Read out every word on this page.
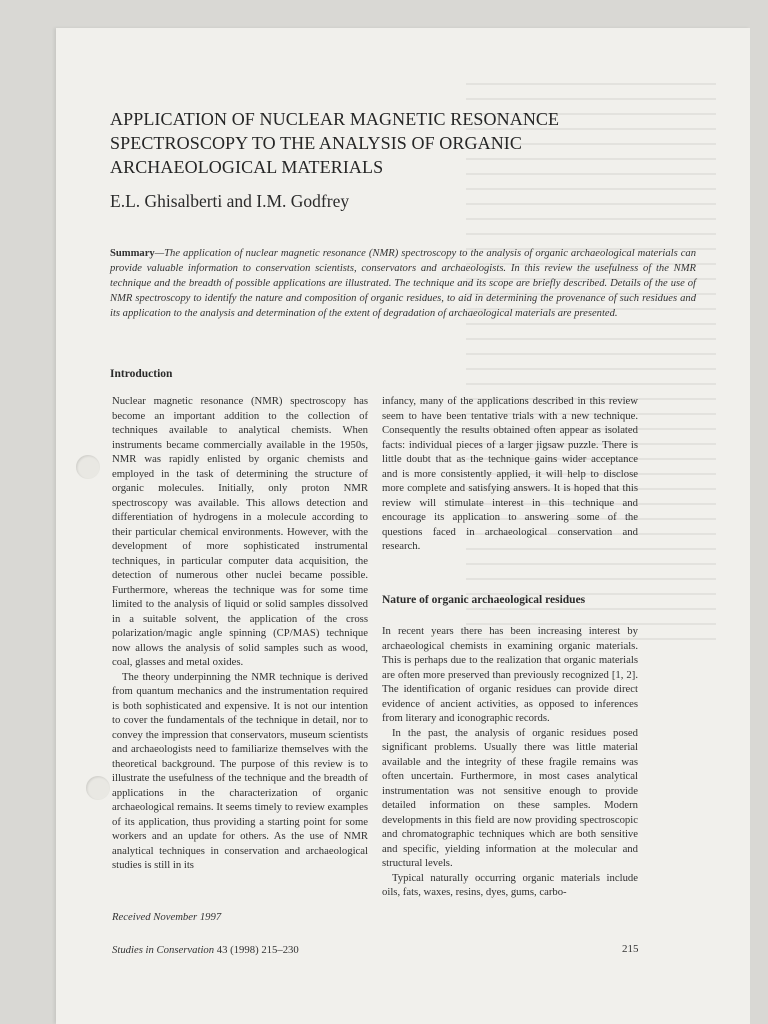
APPLICATION OF NUCLEAR MAGNETIC RESONANCE
SPECTROSCOPY TO THE ANALYSIS OF ORGANIC
ARCHAEOLOGICAL MATERIALS
E.L. Ghisalberti and I.M. Godfrey
Summary—The application of nuclear magnetic resonance (NMR) spectroscopy to the analysis of organic archaeological materials can provide valuable information to conservation scientists, conservators and archaeologists. In this review the usefulness of the NMR technique and the breadth of possible applications are illustrated. The technique and its scope are briefly described. Details of the use of NMR spectroscopy to identify the nature and composition of organic residues, to aid in determining the provenance of such residues and its application to the analysis and determination of the extent of degradation of archaeological materials are presented.
Introduction

Nuclear magnetic resonance (NMR) spectroscopy has become an important addition to the collection of techniques available to analytical chemists. When instruments became commercially available in the 1950s, NMR was rapidly enlisted by organic chemists and employed in the task of determining the structure of organic molecules. Initially, only proton NMR spectroscopy was available. This allows detection and differentiation of hydrogens in a molecule according to their particular chemical environments. However, with the development of more sophisticated instrumental techniques, in particular computer data acquisition, the detection of numerous other nuclei became possible. Furthermore, whereas the technique was for some time limited to the analysis of liquid or solid samples dissolved in a suitable solvent, the application of the cross polarization/magic angle spinning (CP/MAS) technique now allows the analysis of solid samples such as wood, coal, glasses and metal oxides.

The theory underpinning the NMR technique is derived from quantum mechanics and the instrumentation required is both sophisticated and expensive. It is not our intention to cover the fundamentals of the technique in detail, nor to convey the impression that conservators, museum scientists and archaeologists need to familiarize themselves with the theoretical background. The purpose of this review is to illustrate the usefulness of the technique and the breadth of applications in the characterization of organic archaeological remains. It seems timely to review examples of its application, thus providing a starting point for some workers and an update for others. As the use of NMR analytical techniques in conservation and archaeological studies is still in its

infancy, many of the applications described in this review seem to have been tentative trials with a new technique. Consequently the results obtained often appear as isolated facts: individual pieces of a larger jigsaw puzzle. There is little doubt that as the technique gains wider acceptance and is more consistently applied, it will help to disclose more complete and satisfying answers. It is hoped that this review will stimulate interest in this technique and encourage its application to answering some of the questions faced in archaeological conservation and research.

Nature of organic archaeological residues

In recent years there has been increasing interest by archaeological chemists in examining organic materials. This is perhaps due to the realization that organic materials are often more preserved than previously recognized [1, 2]. The identification of organic residues can provide direct evidence of ancient activities, as opposed to inferences from literary and iconographic records.

In the past, the analysis of organic residues posed significant problems. Usually there was little material available and the integrity of these fragile remains was often uncertain. Furthermore, in most cases analytical instrumentation was not sensitive enough to provide detailed information on these samples. Modern developments in this field are now providing spectroscopic and chromatographic techniques which are both sensitive and specific, yielding information at the molecular and structural levels.

Typical naturally occurring organic materials include oils, fats, waxes, resins, dyes, gums, carbo-

Received November 1997
Studies in Conservation 43 (1998) 215–230	215
